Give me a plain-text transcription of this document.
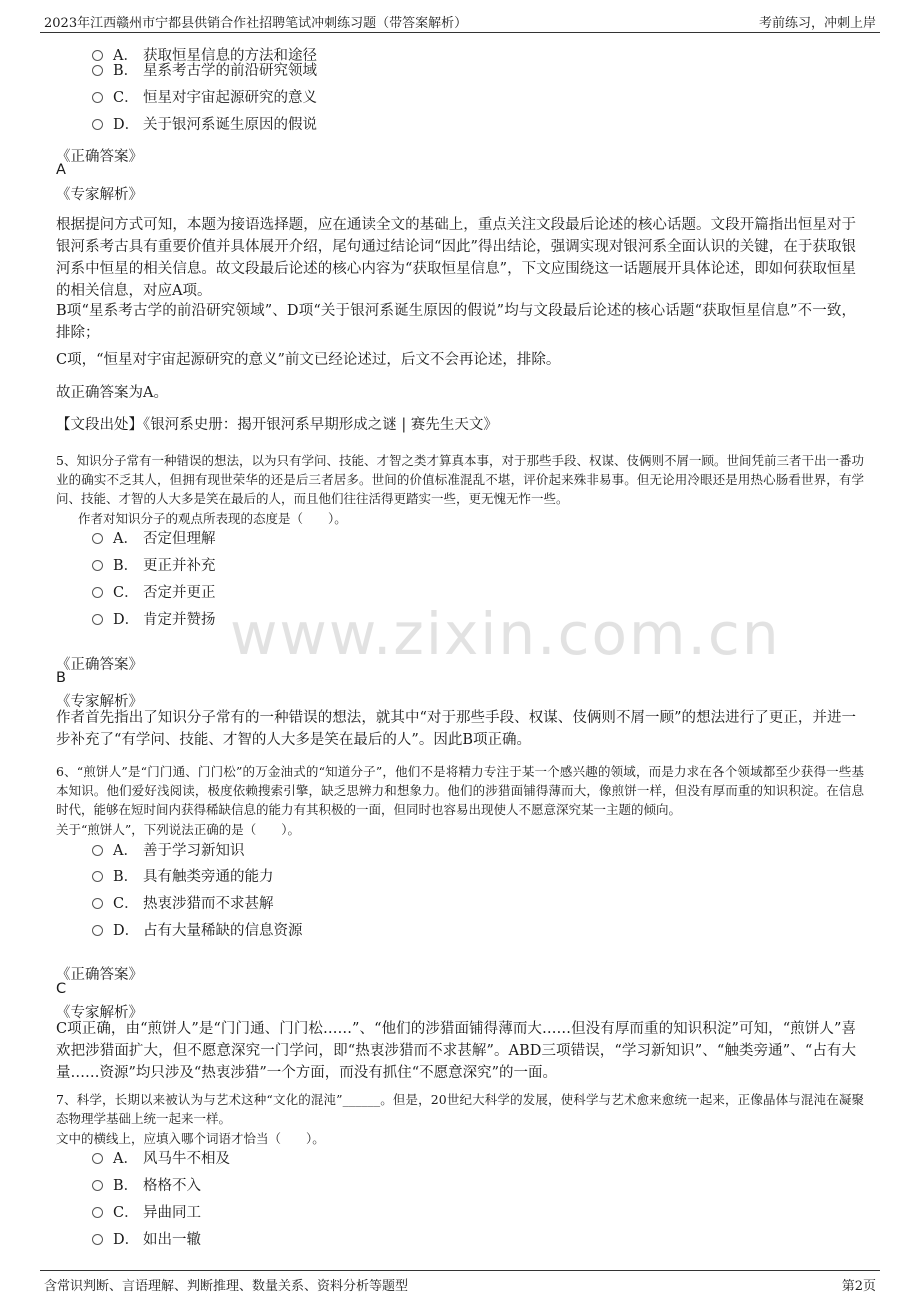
2023年江西赣州市宁都县供销合作社招聘笔试冲刺练习题（带答案解析）	考前练习，冲刺上岸
www.zixin.com.cn
A． 获取恒星信息的方法和途径
B． 星系考古学的前沿研究领域
C． 恒星对宇宙起源研究的意义
D． 关于银河系诞生原因的假说
《正确答案》
A
《专家解析》
根据提问方式可知，本题为接语选择题，应在通读全文的基础上，重点关注文段最后论述的核心话题。文段开篇指出恒星对于银河系考古具有重要价值并具体展开介绍，尾句通过结论词“因此”得出结论，强调实现对银河系全面认识的关键，在于获取银河系中恒星的相关信息。故文段最后论述的核心内容为“获取恒星信息”，下文应围绕这一话题展开具体论述，即如何获取恒星的相关信息，对应A项。
B项“星系考古学的前沿研究领域”、D项“关于银河系诞生原因的假说”均与文段最后论述的核心话题“获取恒星信息”不一致，排除；
C项，“恒星对宇宙起源研究的意义”前文已经论述过，后文不会再论述，排除。
故正确答案为A。
【文段出处】《银河系史册：揭开银河系早期形成之谜 | 赛先生天文》
5、知识分子常有一种错误的想法，以为只有学问、技能、才智之类才算真本事，对于那些手段、权谋、伎俩则不屑一顾。世间凭前三者干出一番功业的确实不乏其人，但拥有现世荣华的还是后三者居多。世间的价值标准混乱不堪，评价起来殊非易事。但无论用冷眼还是用热心肠看世界，有学问、技能、才智的人大多是笑在最后的人，而且他们往往活得更踏实一些，更无愧无怍一些。
作者对知识分子的观点所表现的态度是（　　）。
A． 否定但理解
B． 更正并补充
C． 否定并更正
D． 肯定并赞扬
《正确答案》
B
《专家解析》
作者首先指出了知识分子常有的一种错误的想法，就其中“对于那些手段、权谋、伎俩则不屑一顾”的想法进行了更正，并进一步补充了“有学问、技能、才智的人大多是笑在最后的人”。因此B项正确。
6、“煎饼人”是“门门通、门门松”的万金油式的“知道分子”，他们不是将精力专注于某一个感兴趣的领域，而是力求在各个领域都至少获得一些基本知识。他们爱好浅阅读，极度依赖搜索引擎，缺乏思辨力和想象力。他们的涉猎面铺得薄而大，像煎饼一样，但没有厚而重的知识积淀。在信息时代，能够在短时间内获得稀缺信息的能力有其积极的一面，但同时也容易出现使人不愿意深究某一主题的倾向。
关于“煎饼人”，下列说法正确的是（　　）。
A． 善于学习新知识
B． 具有触类旁通的能力
C． 热衷涉猎而不求甚解
D． 占有大量稀缺的信息资源
《正确答案》
C
《专家解析》
C项正确，由“煎饼人”是“门门通、门门松……”、“他们的涉猎面铺得薄而大……但没有厚而重的知识积淀”可知，“煎饼人”喜欢把涉猎面扩大，但不愿意深究一门学问，即“热衷涉猎而不求甚解”。ABD三项错误，“学习新知识”、“触类旁通”、“占有大量……资源”均只涉及“热衷涉猎”一个方面，而没有抓住“不愿意深究”的一面。
7、科学，长期以来被认为与艺术这种“文化的混沌”______。但是，20世纪大科学的发展，使科学与艺术愈来愈统一起来，正像晶体与混沌在凝聚态物理学基础上统一起来一样。
文中的横线上，应填入哪个词语才恰当（　　）。
A． 风马牛不相及
B． 格格不入
C． 异曲同工
D． 如出一辙
含常识判断、言语理解、判断推理、数量关系、资料分析等题型	第2页
